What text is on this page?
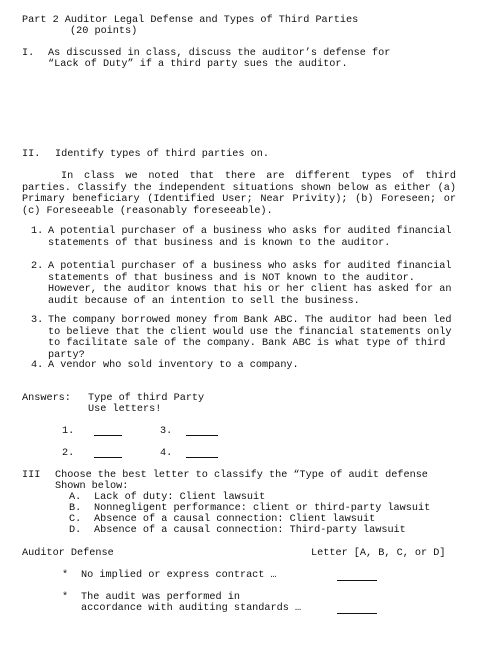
Part 2 Auditor Legal Defense and Types of Third Parties
(20 points)
I. As discussed in class, discuss the auditor’s defense for
“Lack of Duty” if a third party sues the auditor.
II. Identify types of third parties on.
In class we noted that there are different types of third parties. Classify the independent situations shown below as either (a) Primary beneficiary (Identified User; Near Privity); (b) Foreseen; or (c) Foreseeable (reasonably foreseeable).
1. A potential purchaser of a business who asks for audited financial statements of that business and is known to the auditor.
2. A potential purchaser of a business who asks for audited financial statements of that business and is NOT known to the auditor. However, the auditor knows that his or her client has asked for an audit because of an intention to sell the business.
3. The company borrowed money from Bank ABC. The auditor had been led to believe that the client would use the financial statements only to facilitate sale of the company. Bank ABC is what type of third party?
4. A vendor who sold inventory to a company.
Answers: Type of third Party
Use letters!
1.	3.
2.	4.
III Choose the best letter to classify the “Type of audit defense
Shown below:
A. Lack of duty: Client lawsuit
B. Nonnegligent performance: client or third-party lawsuit
C. Absence of a causal connection: Client lawsuit
D. Absence of a causal connection: Third-party lawsuit
Auditor Defense	Letter [A, B, C, or D]
* No implied or express contract …
* The audit was performed in
accordance with auditing standards …
